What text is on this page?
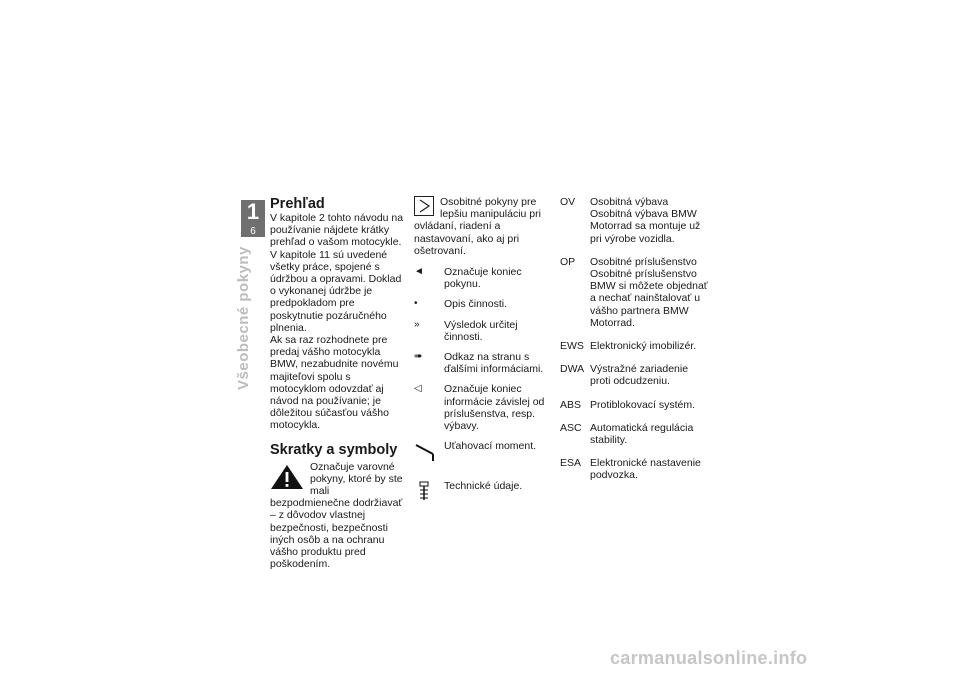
1
6
Všeobecné pokyny

Prehľad

V kapitole 2 tohto návodu na používanie nájdete krátky prehľad o vašom motocykle. V kapitole 11 sú uvedené všetky práce, spojené s údržbou a opravami. Doklad o vykonanej údržbe je predpokladom pre poskytnutie pozáručného plnenia.

Ak sa raz rozhodnete pre predaj vášho motocykla BMW, nezabudnite novému majiteľovi spolu s motocyklom odovzdať aj návod na používanie; je dôležitou súčasťou vášho motocykla.

Skratky a symboly

Označuje varovné pokyny, ktoré by ste mali bezpodmienečne dodržiavať – z dôvodov vlastnej bezpečnosti, bezpečnosti iných osôb a na ochranu vášho produktu pred poškodením.

Osobitné pokyny pre lepšiu manipuláciu pri ovládaní, riadení a nastavovaní, ako aj pri ošetrovaní.

◄	Označuje koniec pokynu.
•	Opis činnosti.
»	Výsledok určitej činnosti.
➠	Odkaz na stranu s ďalšími informáciami.
◁	Označuje koniec informácie závislej od príslušenstva, resp. výbavy.
Uťahovací moment.
Technické údaje.
OV	Osobitná výbava

Osobitná výbava BMW Motorrad sa montuje už pri výrobe vozidla.

OP	Osobitné príslušenstvo

Osobitné príslušenstvo BMW si môžete objednať a nechať nainštalovať u vášho partnera BMW Motorrad.

EWS Elektronický imobilizér.
DWA Výstražné zariadenie proti odcudzeniu.
ABS Protiblokovací systém.
ASC Automatická regulácia stability.
ESA Elektronické nastavenie podvozka.
carmanualsonline.info
